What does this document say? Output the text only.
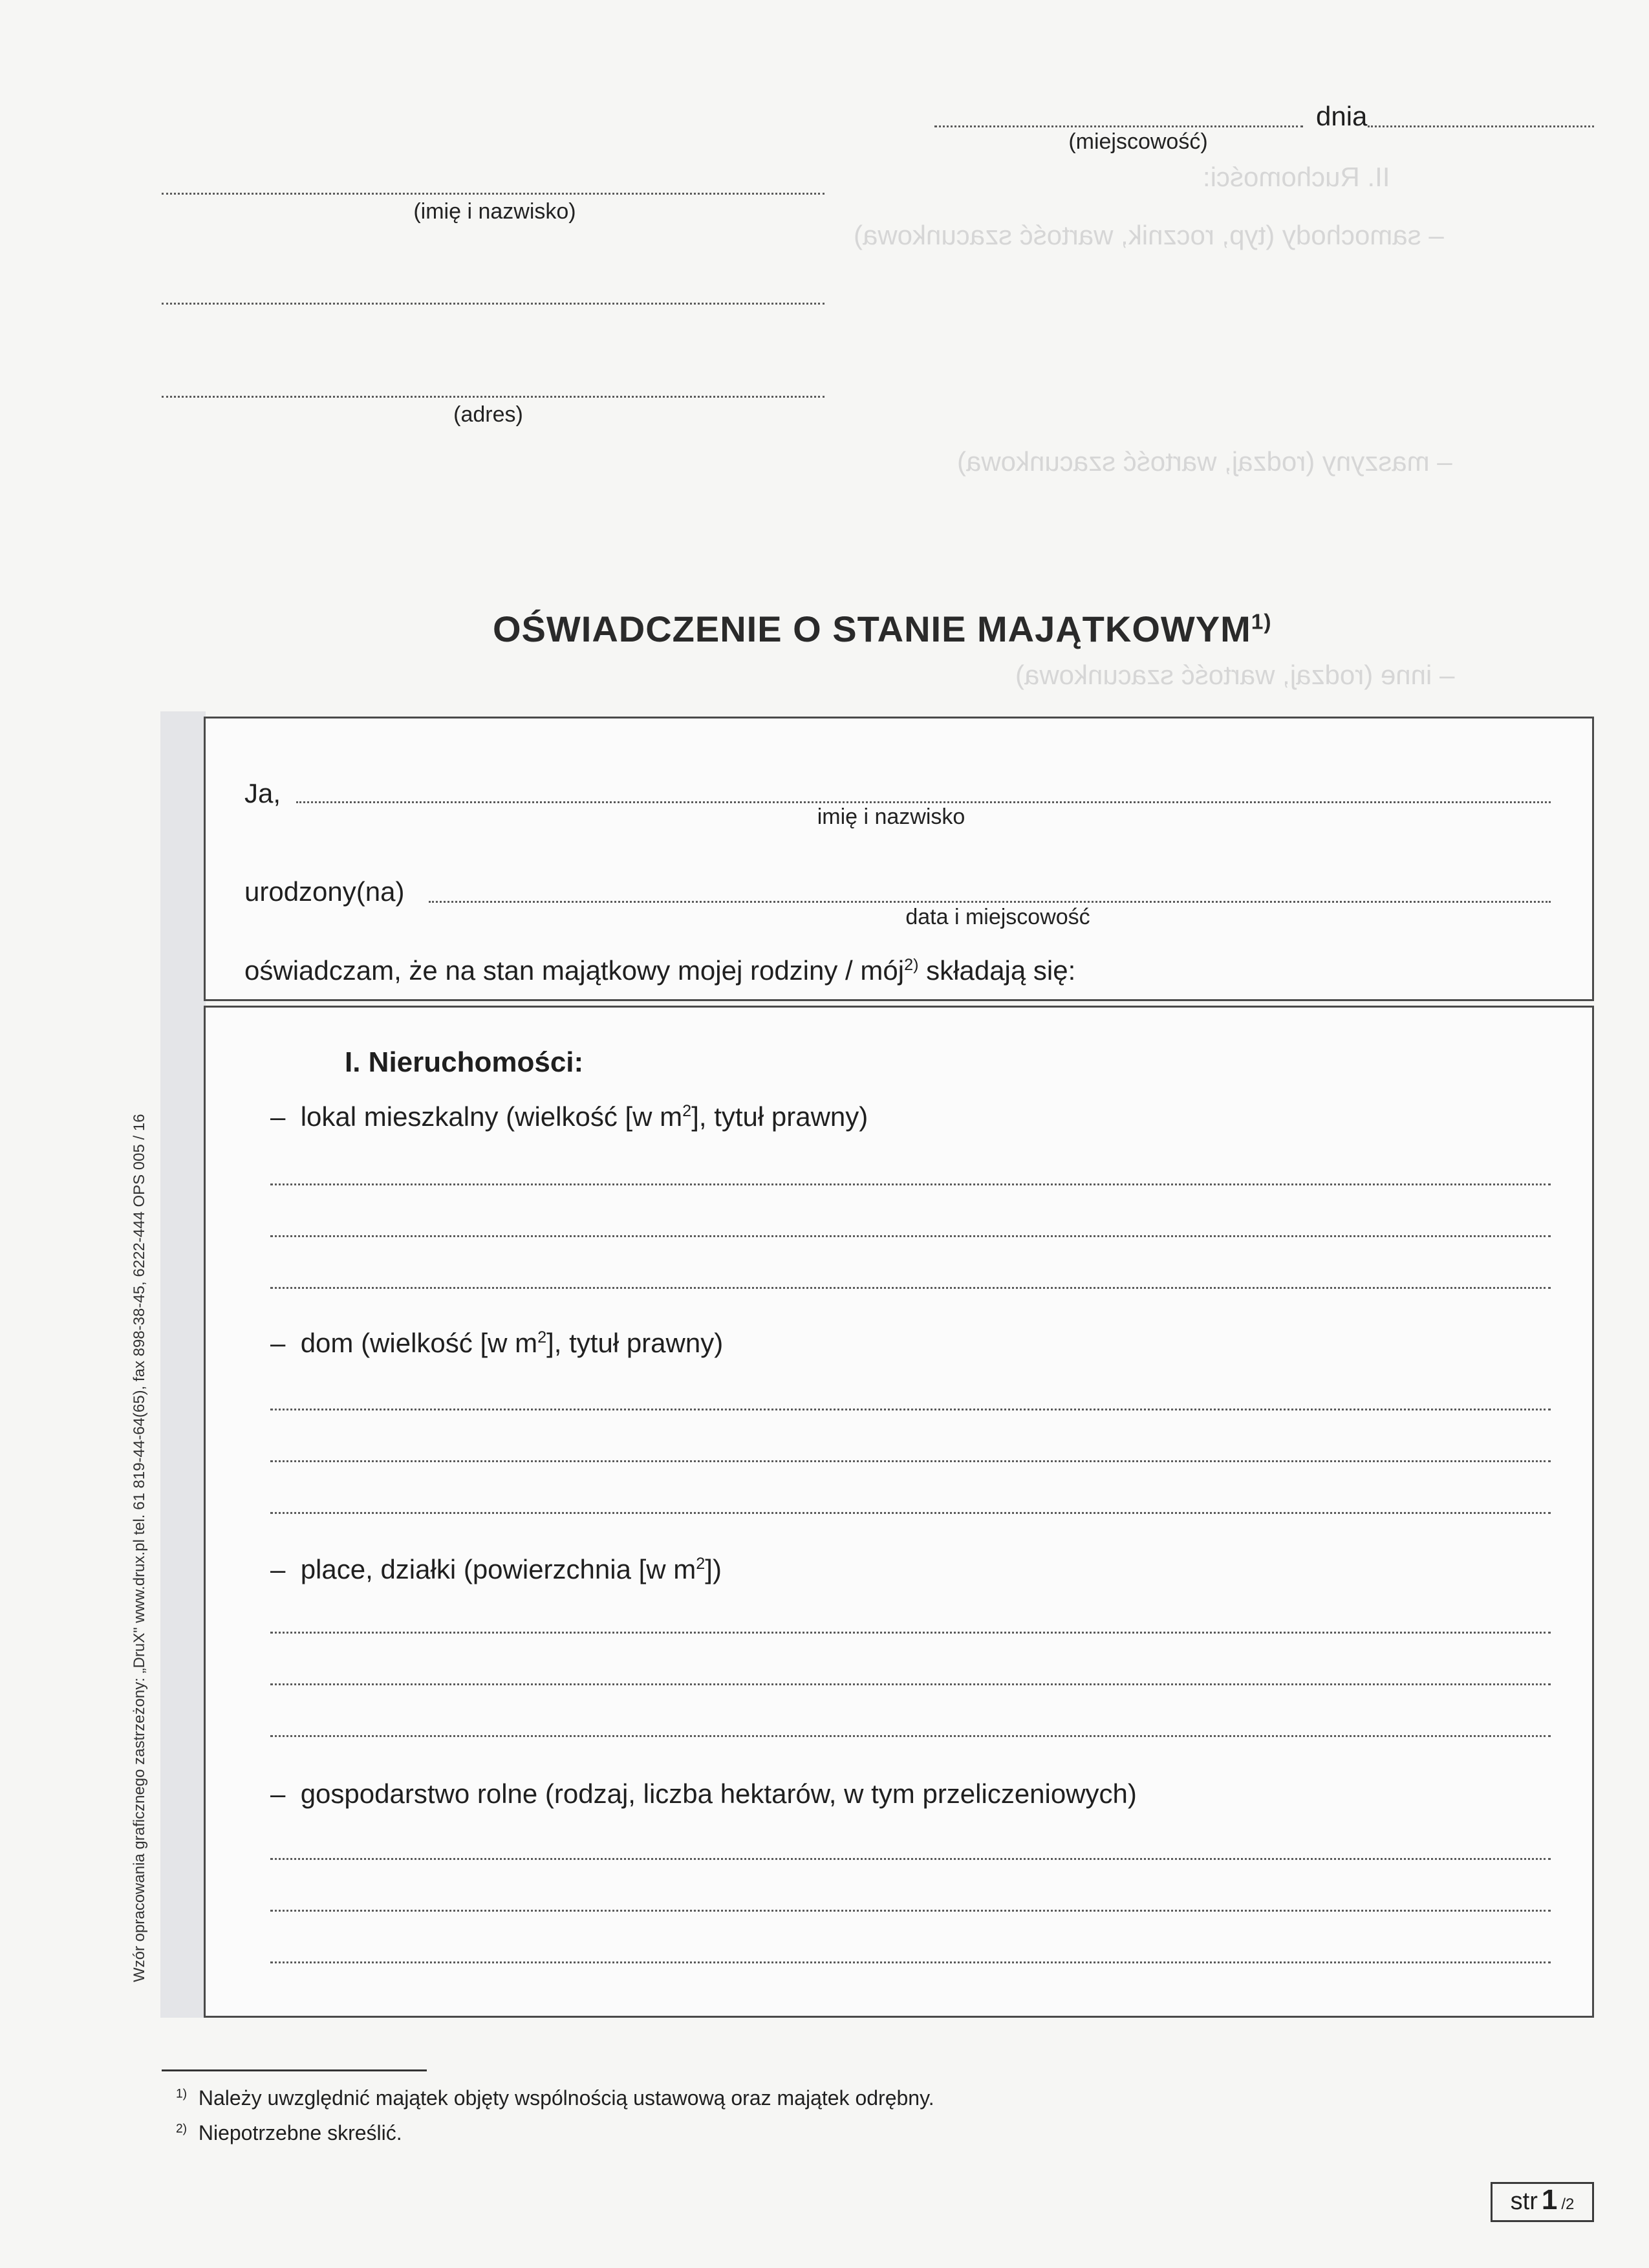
II. Ruchomości:
– samochody (typ, rocznik, wartość szacunkowa)
– maszyny (rodzaj, wartość szacunkowa)
– inne (rodzaj, wartość szacunkowa)
(miejscowość)
dnia
(imię i nazwisko)
(adres)
OŚWIADCZENIE O STANIE MAJĄTKOWYM$^{1)}$
Wzór opracowania graficznego zastrzeżony: „DruX" www.drux.pl tel. 61 819-44-64(65), fax 898-38-45, 6222-444 OPS 005 / 16
Ja,
imię i nazwisko
urodzony(na)
data i miejscowość
oświadczam, że na stan majątkowy mojej rodziny / mój$^{2)}$ składają się:
I. Nieruchomości:
– lokal mieszkalny (wielkość [w $m^2$], tytuł prawny)
– dom (wielkość [w $m^2$], tytuł prawny)
– place, działki (powierzchnia [w $m^2$])
– gospodarstwo rolne (rodzaj, liczba hektarów, w tym przeliczeniowych)
$^{1)}$ Należy uwzględnić majątek objęty wspólnością ustawową oraz majątek odrębny.
$^{2)}$ Niepotrzebne skreślić.
str 1 /2
